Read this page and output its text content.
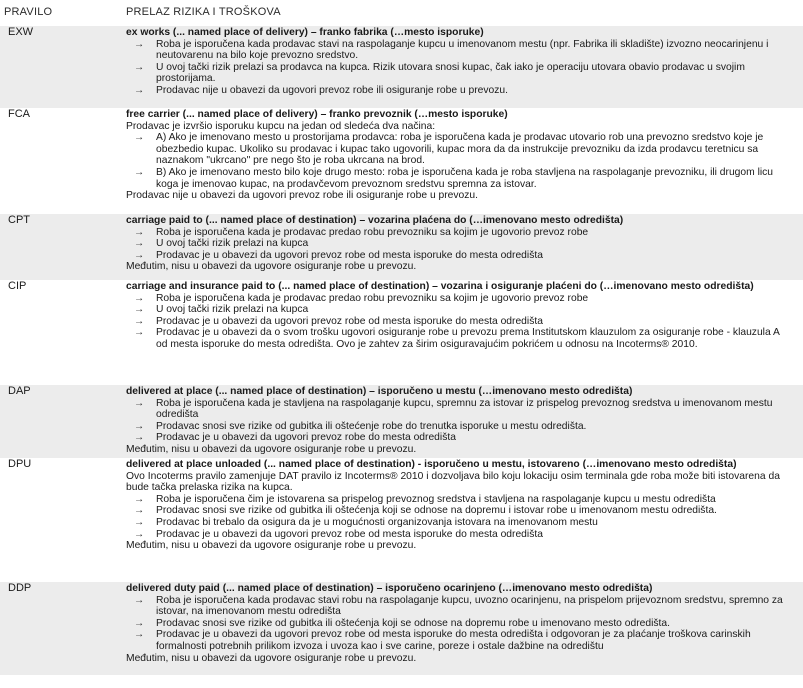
PRAVILO	PRELAZ RIZIKA I TROŠKOVA
EXW	ex works (... named place of delivery) – franko fabrika (…mesto isporuke)
→	Roba je isporučena kada prodavac stavi na raspolaganje kupcu u imenovanom mestu (npr. Fabrika ili skladište) izvozno neocarinjenu i neutovarenu na bilo koje prevozno sredstvo.
→	U ovoj tački rizik prelazi sa prodavca na kupca. Rizik utovara snosi kupac, čak iako je operaciju utovara obavio prodavac u svojim prostorijama.
→	Prodavac nije u obavezi da ugovori prevoz robe ili osiguranje robe u prevozu.
FCA	free carrier (... named place of delivery) – franko prevoznik (…mesto isporuke)
Prodavac je izvršio isporuku kupcu na jedan od sledeća dva načina:
→	A) Ako je imenovano mesto u prostorijama prodavca: roba je isporučena kada je prodavac utovario rob una prevozno sredstvo koje je obezbedio kupac. Ukoliko su prodavac i kupac tako ugovorili, kupac mora da da instrukcije prevozniku da izda prodavcu teretnicu sa naznakom "ukrcano" pre nego što je roba ukrcana na brod.
→	B) Ako je imenovano mesto bilo koje drugo mesto: roba je isporučena kada je roba stavljena na raspolaganje prevozniku, ili drugom licu koga je imenovao kupac, na prodavčevom prevoznom sredstvu spremna za istovar.
Prodavac nije u obavezi da ugovori prevoz robe ili osiguranje robe u prevozu.
CPT	carriage paid to (... named place of destination) – vozarina plaćena do (…imenovano mesto odredišta)
→	Roba je isporučena kada je prodavac predao robu prevozniku sa kojim je ugovorio prevoz robe
→	U ovoj tački rizik prelazi na kupca
→	Prodavac je u obavezi da ugovori prevoz robe od mesta isporuke do mesta odredišta
Međutim, nisu u obavezi da ugovore osiguranje robe u prevozu.
CIP	carriage and insurance paid to (... named place of destination) – vozarina i osiguranje plaćeni do (…imenovano mesto odredišta)
→	Roba je isporučena kada je prodavac predao robu prevozniku sa kojim je ugovorio prevoz robe
→	U ovoj tački rizik prelazi na kupca
→	Prodavac je u obavezi da ugovori prevoz robe od mesta isporuke do mesta odredišta
→	Prodavac je u obavezi da o svom trošku ugovori osiguranje robe u prevozu prema Institutskom klauzulom za osiguranje robe - klauzula A od mesta isporuke do mesta odredišta. Ovo je zahtev za širim osiguravajućim pokrićem u odnosu na Incoterms® 2010.
DAP	delivered at place (... named place of destination) – isporučeno u mestu (…imenovano mesto odredišta)
→	Roba je isporučena kada je stavljena na raspolaganje kupcu, spremnu za istovar iz prispelog prevoznog sredstva u imenovanom mestu odredišta
→	Prodavac snosi sve rizike od gubitka ili oštećenje robe do trenutka isporuke u mestu odredišta.
→	Prodavac je u obavezi da ugovori prevoz robe do mesta odredišta
Međutim, nisu u obavezi da ugovore osiguranje robe u prevozu.
DPU	delivered at place unloaded (... named place of destination) - isporučeno u mestu, istovareno (…imenovano mesto odredišta)
Ovo Incoterms pravilo zamenjuje DAT pravilo iz Incoterms® 2010 i dozvoljava bilo koju lokaciju osim terminala gde roba može biti istovarena da bude tačka prelaska rizika na kupca.
→	Roba je isporučena čim je istovarena sa prispelog prevoznog sredstva i stavljena na raspolaganje kupcu u mestu odredišta
→	Prodavac snosi sve rizike od gubitka ili oštećenja koji se odnose na dopremu i istovar robe u imenovanom mestu odredišta.
→	Prodavac bi trebalo da osigura da je u mogućnosti organizovanja istovara na imenovanom mestu
→	Prodavac je u obavezi da ugovori prevoz robe od mesta isporuke do mesta odredišta
Međutim, nisu u obavezi da ugovore osiguranje robe u prevozu.
DDP	delivered duty paid (... named place of destination) – isporučeno ocarinjeno (…imenovano mesto odredišta)
→	Roba je isporučena kada prodavac stavi robu na raspolaganje kupcu, uvozno ocarinjenu, na prispelom prijevoznom sredstvu, spremno za istovar, na imenovanom mestu odredišta
→	Prodavac snosi sve rizike od gubitka ili oštećenja koji se odnose na dopremu robe u imenovano mesto odredišta.
→	Prodavac je u obavezi da ugovori prevoz robe od mesta isporuke do mesta odredišta i odgovoran je za plaćanje troškova carinskih formalnosti potrebnih prilikom izvoza i uvoza kao i sve carine, poreze i ostale dažbine na odredištu
Međutim, nisu u obavezi da ugovore osiguranje robe u prevozu.
